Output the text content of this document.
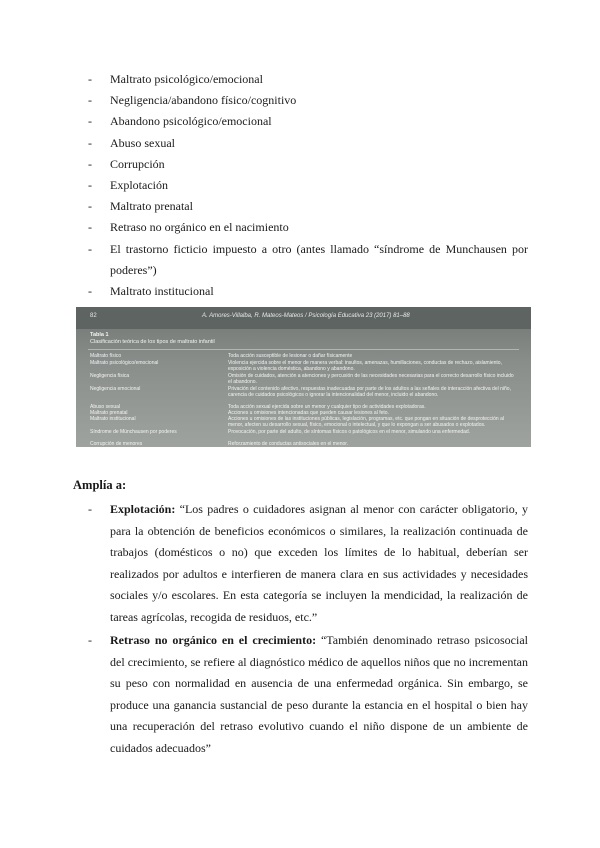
- Maltrato psicológico/emocional
- Negligencia/abandono físico/cognitivo
- Abandono psicológico/emocional
- Abuso sexual
- Corrupción
- Explotación
- Maltrato prenatal
- Retraso no orgánico en el nacimiento
- El trastorno ficticio impuesto a otro (antes llamado “síndrome de Munchausen por poderes”)
- Maltrato institucional
82	A. Amores-Villalba, R. Mateos-Mateos / Psicología Educativa 23 (2017) 81–88
Tabla 1
Clasificación teórica de los tipos de maltrato infantil
Maltrato físico	Toda acción susceptible de lesionar o dañar físicamente
Maltrato psicológico/emocional	Violencia ejercida sobre el menor de manera verbal: insultos, amenazas, humillaciones, conductas de rechazo, aislamiento, exposición a violencia doméstica, abandono y abandono.
Negligencia física	Omisión de cuidados, atención a atenciones y percusión de las necesidades necesarias para el correcto desarrollo físico incluido el abandono.
Negligencia emocional	Privación del contenido afectivo, respuestas inadecuadas por parte de los adultos a las señales de interacción afectiva del niño, carencia de cuidados psicológicos o ignorar la intencionalidad del menor, incluido el abandono.
Abuso sexual	Toda acción sexual ejercida sobre un menor y cualquier tipo de actividades explotadoras.
Maltrato prenatal	Acciones u omisiones intencionadas que pueden causar lesiones al feto.
Maltrato institucional	Acciones u omisiones de las instituciones públicas, legislación, programas, etc. que pongan en situación de desprotección al menor, afecten su desarrollo sexual, físico, emocional o intelectual, y que lo expongan a ser abusados o explotados.
Síndrome de Münchausen por poderes	Provocación, por parte del adulto, de síntomas físicos o patológicos en el menor, simulando una enfermedad.
Corrupción de menores	Reforzamiento de conductas antisociales en el menor.
Amplía a:
- Explotación: “Los padres o cuidadores asignan al menor con carácter obligatorio, y para la obtención de beneficios económicos o similares, la realización continuada de trabajos (domésticos o no) que exceden los límites de lo habitual, deberían ser realizados por adultos e interfieren de manera clara en sus actividades y necesidades sociales y/o escolares. En esta categoría se incluyen la mendicidad, la realización de tareas agrícolas, recogida de residuos, etc.”
- Retraso no orgánico en el crecimiento: “También denominado retraso psicosocial del crecimiento, se refiere al diagnóstico médico de aquellos niños que no incrementan su peso con normalidad en ausencia de una enfermedad orgánica. Sin embargo, se produce una ganancia sustancial de peso durante la estancia en el hospital o bien hay una recuperación del retraso evolutivo cuando el niño dispone de un ambiente de cuidados adecuados”
